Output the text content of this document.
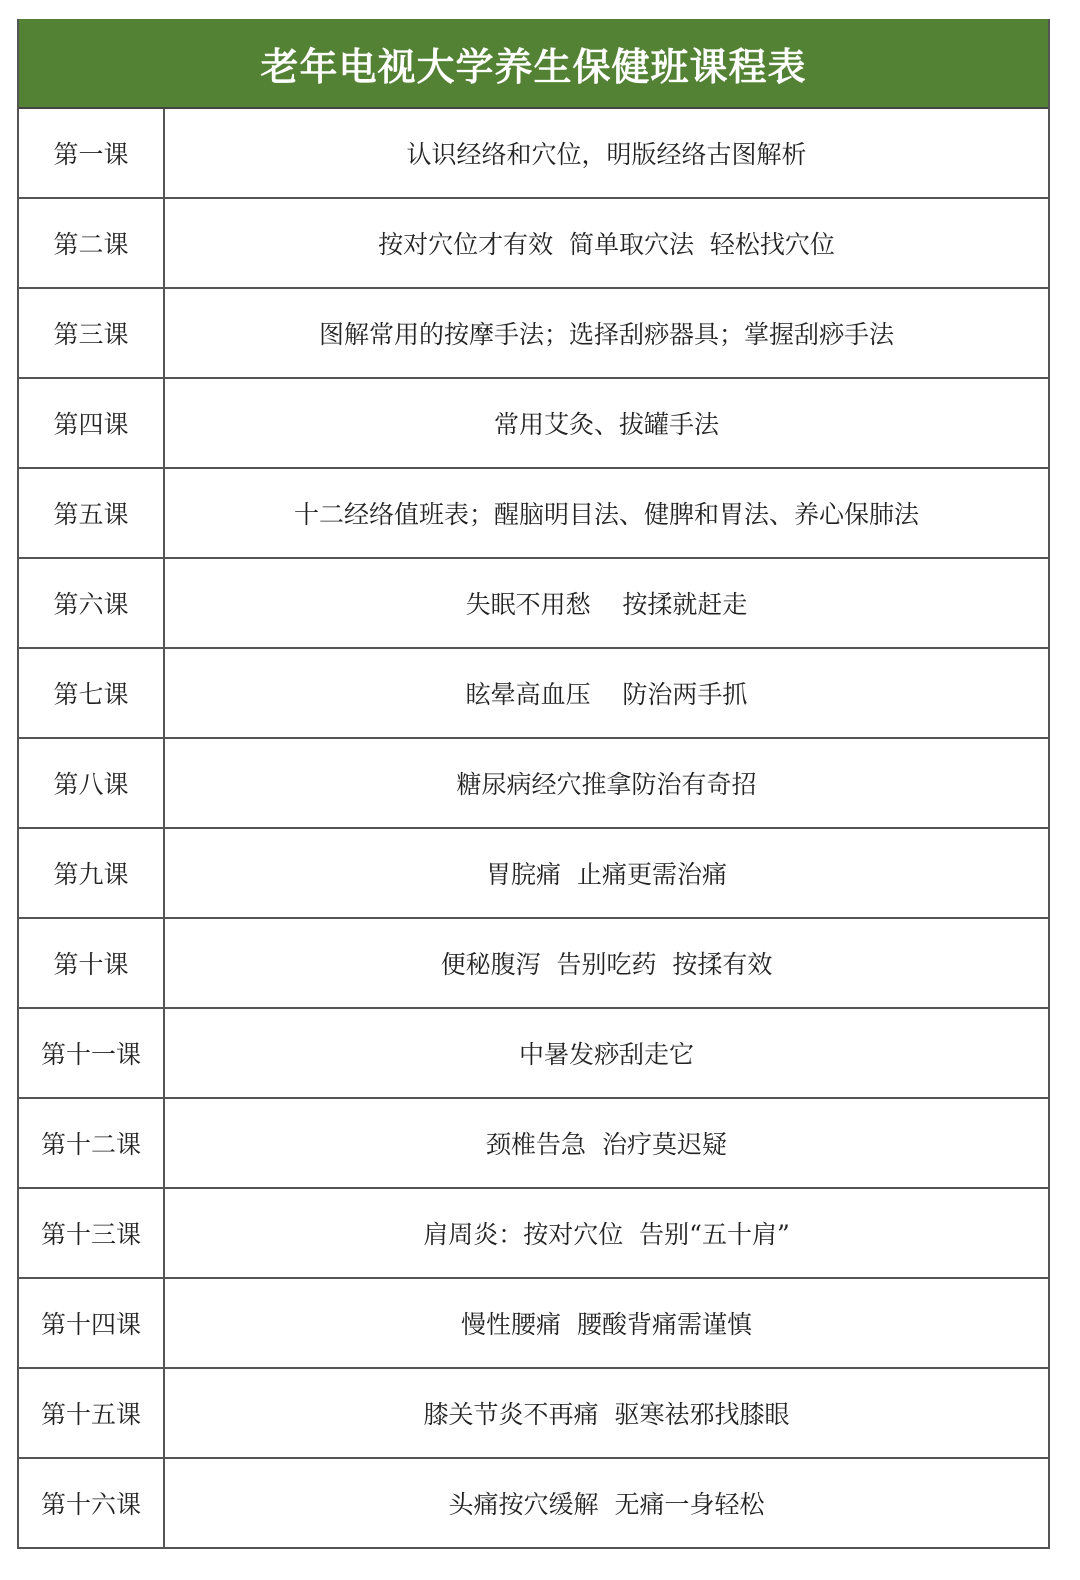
老年电视大学养生保健班课程表
第一课	认识经络和穴位，明版经络古图解析
第二课	按对穴位才有效  简单取穴法  轻松找穴位
第三课	图解常用的按摩手法；选择刮痧器具；掌握刮痧手法
第四课	常用艾灸、拔罐手法
第五课	十二经络值班表；醒脑明目法、健脾和胃法、养心保肺法
第六课	失眠不用愁    按揉就赶走
第七课	眩晕高血压    防治两手抓
第八课	糖尿病经穴推拿防治有奇招
第九课	胃脘痛  止痛更需治痛
第十课	便秘腹泻  告别吃药  按揉有效
第十一课	中暑发痧刮走它
第十二课	颈椎告急  治疗莫迟疑
第十三课	肩周炎：按对穴位  告别“五十肩”
第十四课	慢性腰痛  腰酸背痛需谨慎
第十五课	膝关节炎不再痛  驱寒祛邪找膝眼
第十六课	头痛按穴缓解  无痛一身轻松
